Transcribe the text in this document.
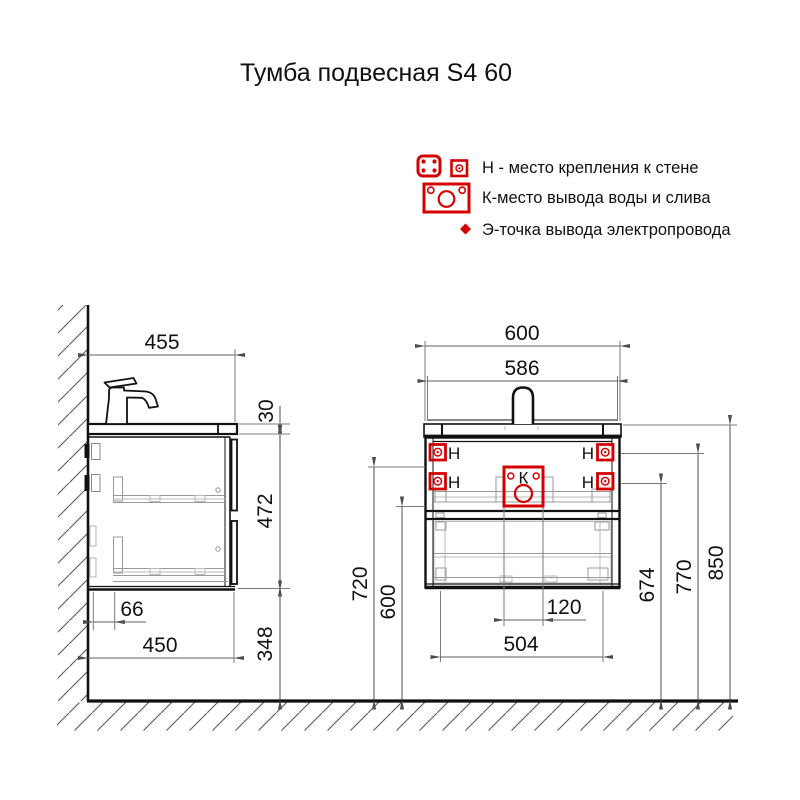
Тумба подвесная S4 60
Н - место крепления к стене
К-место вывода воды и слива
Э-точка вывода электропровода
Н	Н
Н	Н
К
455
30
472
348
66
450
600
586
720
600	120
504
674 770 850
